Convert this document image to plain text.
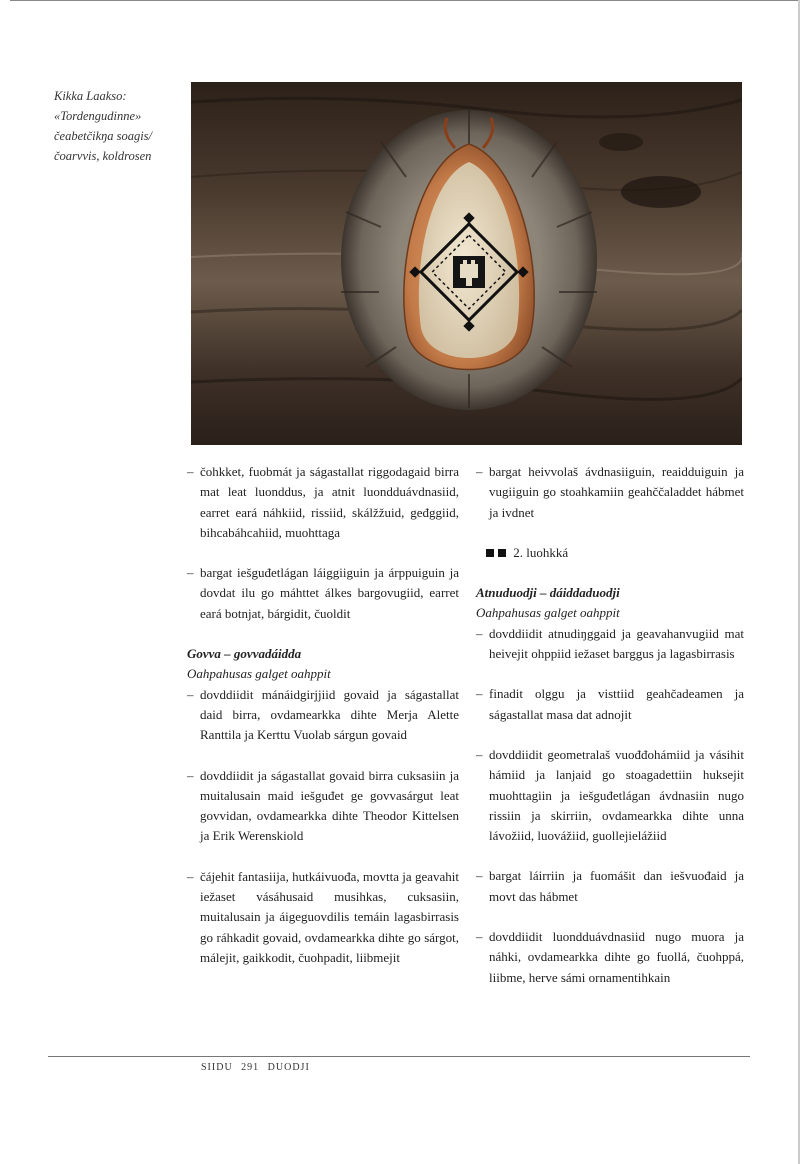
Kikka Laakso:
«Tordengudinne»
čeabetčikŋa soagis/
čoarvvis, koldrosen
– čohkket, fuobmát ja ságastallat riggodagaid birra mat leat luonddus, ja atnit luondduávdnasiid, earret eará náhkiid, rissiid, skálžžuid, geđggiid, bihcabáhcahiid, muohttaga
– bargat iešguđetlágan láiggiiguin ja árppuiguin ja dovdat ilu go máhttet álkes bargovugiid, earret eará botnjat, bárgidit, čuoldit
Govva – govvadáidda
Oahpahusas galget oahppit
– dovddiidit mánáidgirjjiid govaid ja ságastallat daid birra, ovdamearkka dihte Merja Alette Ranttila ja Kerttu Vuolab sárgun govaid
– dovddiidit ja ságastallat govaid birra cuksasiin ja muitalusain maid iešguđet ge govvasárgut leat govvidan, ovdamearkka dihte Theodor Kittelsen ja Erik Werenskiold
– čájehit fantasiija, hutkáivuođa, movtta ja geavahit iežaset vásáhusaid musihkas, cuksasiin, muitalusain ja áigeguovdilis temáin lagasbirrasis go ráhkadit govaid, ovdamearkka dihte go sárgot, málejit, gaikkodit, čuohpadit, liibmejit
– bargat heivvolaš ávdnasiiguin, reaidduiguin ja vugiiguin go stoahkamiin geahččaladdet hábmet ja ivdnet
2. luohkká
Atnuduodji – dáiddaduodji
Oahpahusas galget oahppit
– dovddiidit atnudiŋggaid ja geavahanvugiid mat heivejit ohppiid iežaset barggus ja lagasbirrasis
– finadit olggu ja visttiid geahčadeamen ja ságastallat masa dat adnojit
– dovddiidit geometralaš vuođđohámiid ja vásihit hámiid ja lanjaid go stoagadettiin huksejit muohttagiin ja iešguđetlágan ávdnasiin nugo rissiin ja skirriin, ovdamearkka dihte unna lávožiid, luovážiid, guollejielážiid
– bargat láirriin ja fuomášit dan iešvuođaid ja movt das hábmet
– dovddiidit luondduávdnasiid nugo muora ja náhki, ovdamearkka dihte go fuollá, čuohppá, liibme, herve sámi ornamentihkain
SIIDU 291 DUODJI
